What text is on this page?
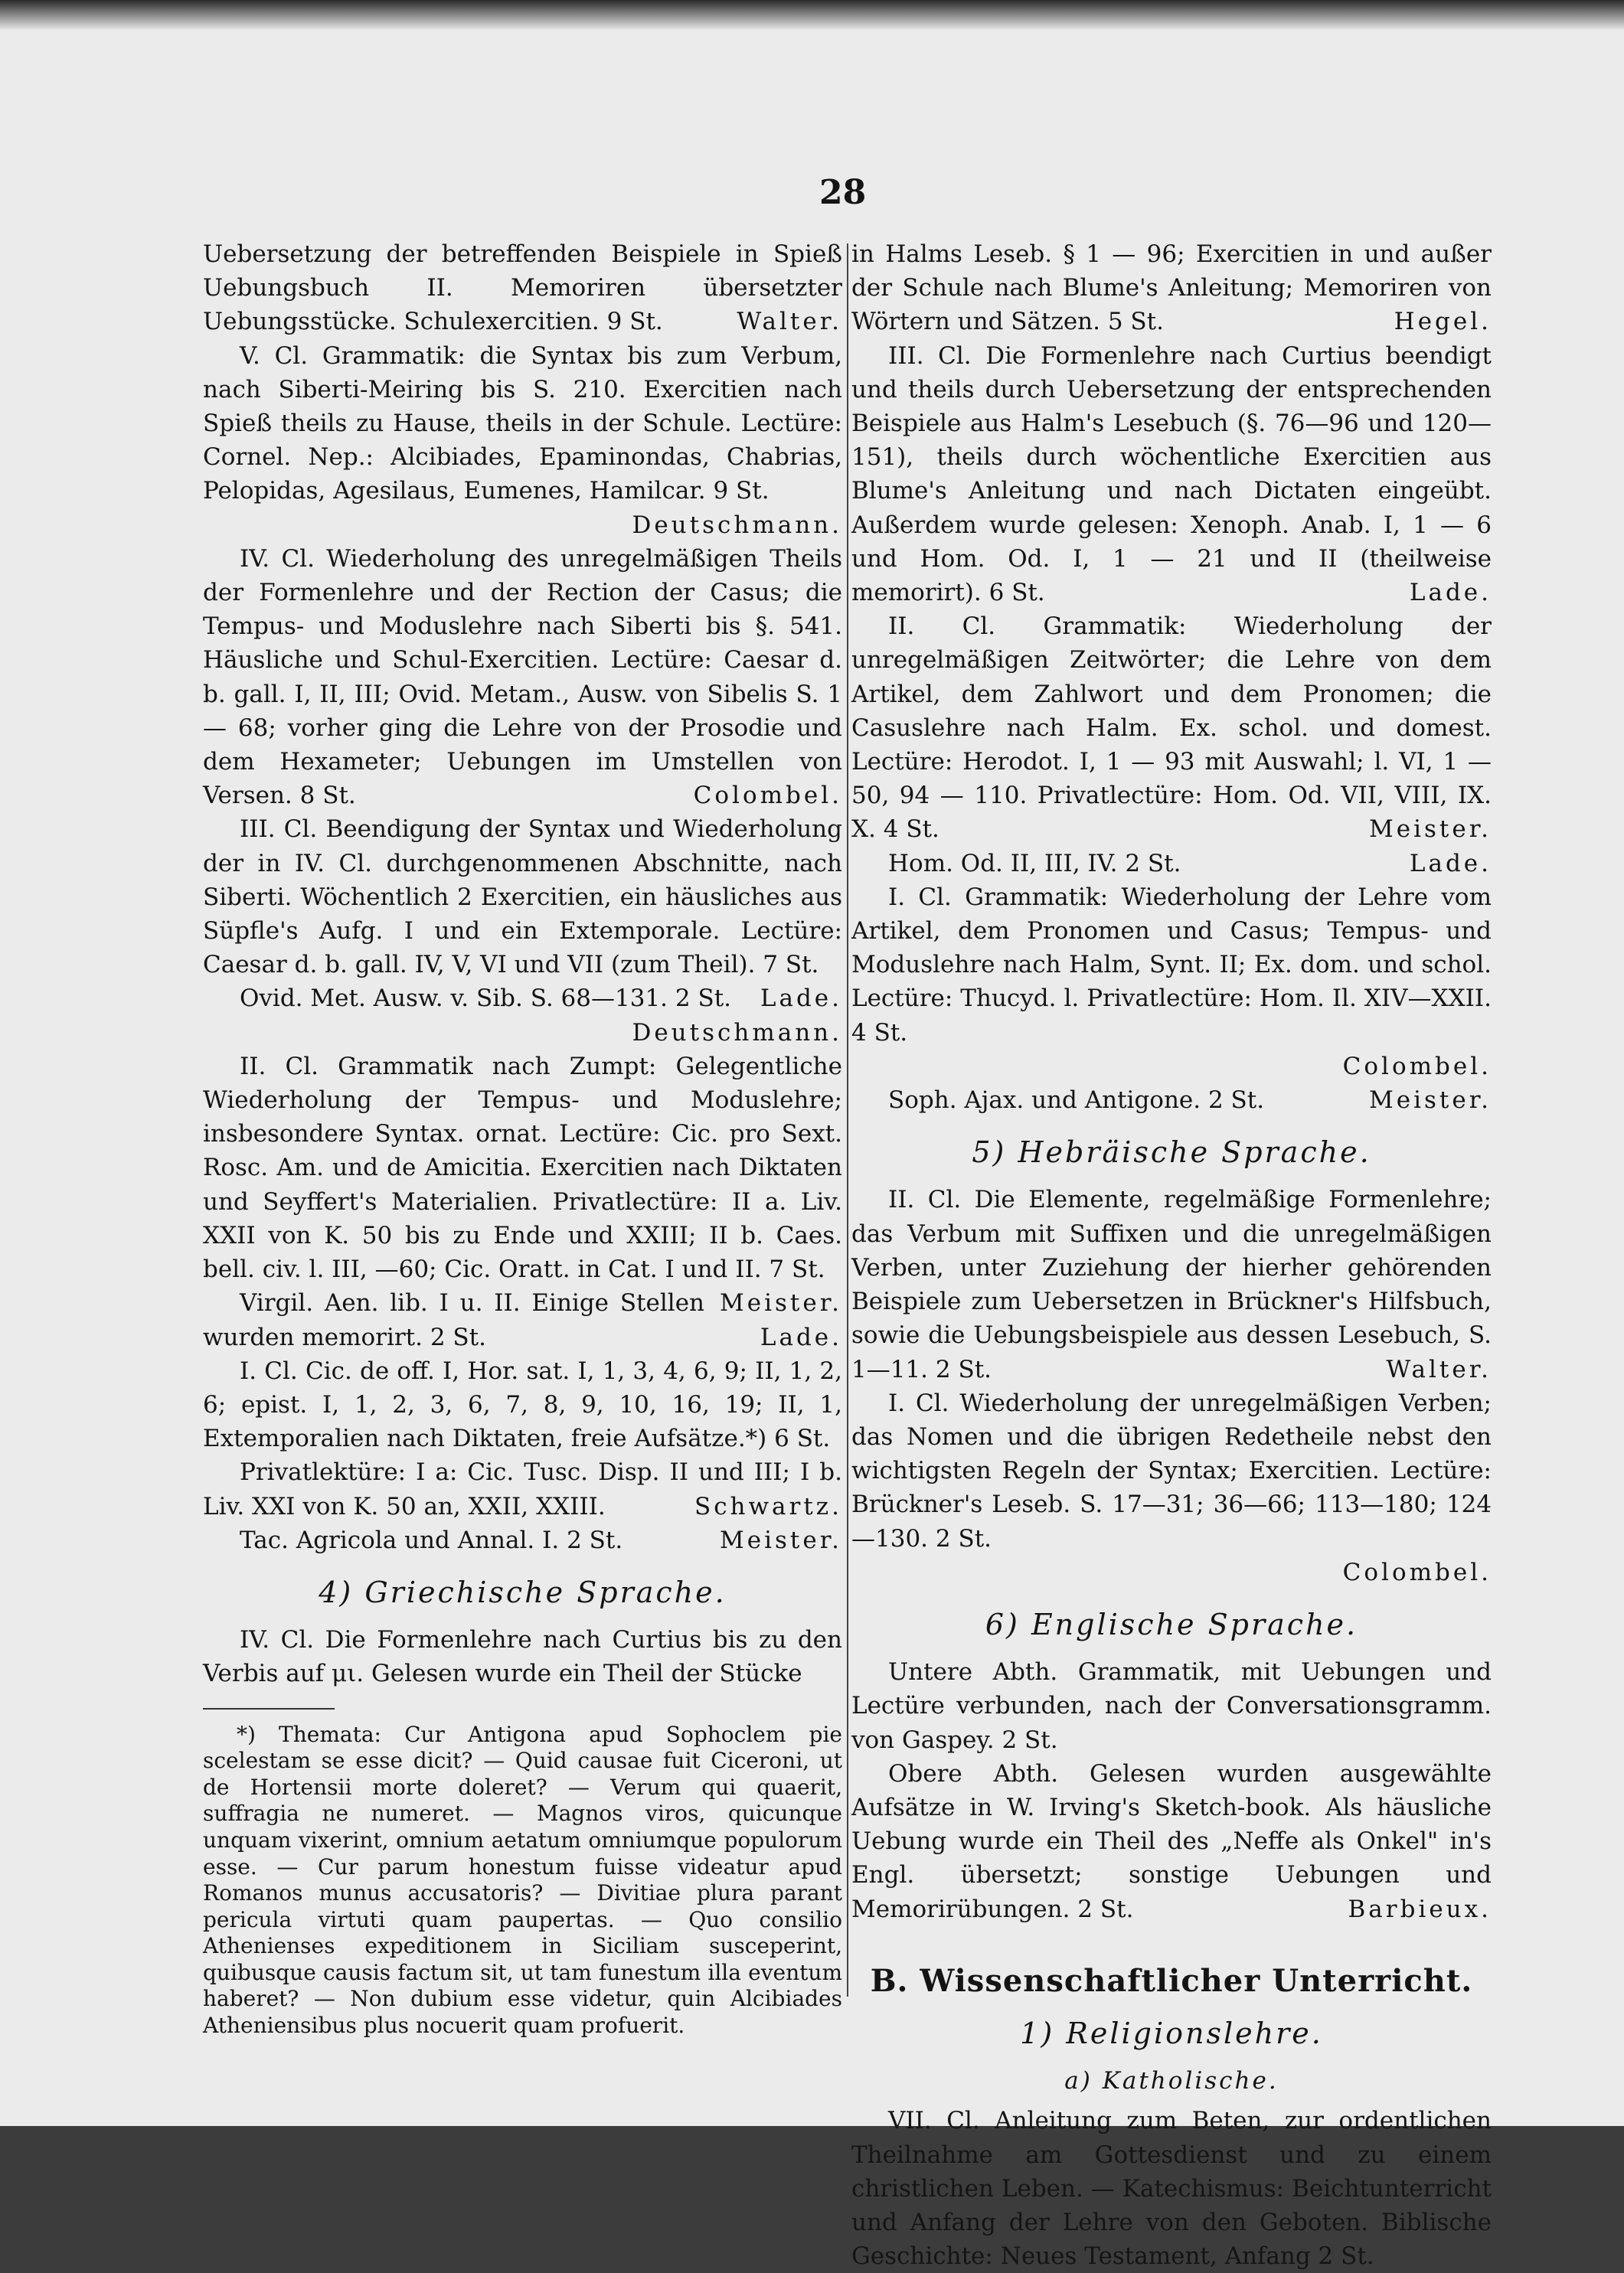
28

Uebersetzung der betreffenden Beispiele in Spieß Uebungsbuch II. Memoriren übersetzter Uebungsstücke. Schulexercitien. 9 St.	Walter.

V. Cl. Grammatik: die Syntax bis zum Verbum, nach Siberti-Meiring bis S. 210. Exercitien nach Spieß theils zu Hause, theils in der Schule. Lectüre: Cornel. Nep.: Alcibiades, Epaminondas, Chabrias, Pelopidas, Agesilaus, Eumenes, Hamilcar. 9 St.

Deutschmann.

IV. Cl. Wiederholung des unregelmäßigen Theils der Formenlehre und der Rection der Casus; die Tempus- und Moduslehre nach Siberti bis §. 541. Häusliche und Schul-Exercitien. Lectüre: Caesar d. b. gall. I, II, III; Ovid. Metam., Ausw. von Sibelis S. 1 — 68; vorher ging die Lehre von der Prosodie und dem Hexameter; Uebungen im Umstellen von Versen. 8 St.	Colombel.

III. Cl. Beendigung der Syntax und Wiederholung der in IV. Cl. durchgenommenen Abschnitte, nach Siberti. Wöchentlich 2 Exercitien, ein häusliches aus Süpfle's Aufg. I und ein Extemporale. Lectüre: Caesar d. b. gall. IV, V, VI und VII (zum Theil). 7 St.
Lade.

Ovid. Met. Ausw. v. Sib. S. 68—131. 2 St.

Deutschmann.

II. Cl. Grammatik nach Zumpt: Gelegentliche Wiederholung der Tempus- und Moduslehre; insbesondere Syntax. ornat. Lectüre: Cic. pro Sext. Rosc. Am. und de Amicitia. Exercitien nach Diktaten und Seyffert's Materialien. Privatlectüre: II a. Liv. XXII von K. 50 bis zu Ende und XXIII; II b. Caes. bell. civ. l. III, —60; Cic. Oratt. in Cat. I und II. 7 St.
Meister.

Virgil. Aen. lib. I u. II. Einige Stellen wurden memorirt. 2 St.	Lade.

I. Cl. Cic. de off. I, Hor. sat. I, 1, 3, 4, 6, 9; II, 1, 2, 6; epist. I, 1, 2, 3, 6, 7, 8, 9, 10, 16, 19; II, 1, Extemporalien nach Diktaten, freie Aufsätze.*) 6 St.

Privatlektüre: I a: Cic. Tusc. Disp. II und III; I b. Liv. XXI von K. 50 an, XXII, XXIII.	Schwartz.

Tac. Agricola und Annal. I. 2 St.	Meister.

4) Griechische Sprache.

IV. Cl. Die Formenlehre nach Curtius bis zu den Verbis auf μι. Gelesen wurde ein Theil der Stücke

*) Themata: Cur Antigona apud Sophoclem pie scelestam se esse dicit? — Quid causae fuit Ciceroni, ut de Hortensii morte doleret? — Verum qui quaerit, suffragia ne numeret. — Magnos viros, quicunque unquam vixerint, omnium aetatum omniumque populorum esse. — Cur parum honestum fuisse videatur apud Romanos munus accusatoris? — Divitiae plura parant pericula virtuti quam paupertas. — Quo consilio Athenienses expeditionem in Siciliam susceperint, quibusque causis factum sit, ut tam funestum illa eventum haberet? — Non dubium esse videtur, quin Alcibiades Atheniensibus plus nocuerit quam profuerit.

in Halms Leseb. § 1 — 96; Exercitien in und außer der Schule nach Blume's Anleitung; Memoriren von Wörtern und Sätzen. 5 St.	Hegel.

III. Cl. Die Formenlehre nach Curtius beendigt und theils durch Uebersetzung der entsprechenden Beispiele aus Halm's Lesebuch (§. 76—96 und 120—151), theils durch wöchentliche Exercitien aus Blume's Anleitung und nach Dictaten eingeübt. Außerdem wurde gelesen: Xenoph. Anab. I, 1 — 6 und Hom. Od. I, 1 — 21 und II (theilweise memorirt). 6 St.	Lade.

II. Cl. Grammatik: Wiederholung der unregelmäßigen Zeitwörter; die Lehre von dem Artikel, dem Zahlwort und dem Pronomen; die Casuslehre nach Halm. Ex. schol. und domest. Lectüre: Herodot. I, 1 — 93 mit Auswahl; l. VI, 1 — 50, 94 — 110. Privatlectüre: Hom. Od. VII, VIII, IX. X. 4 St.	Meister.

Hom. Od. II, III, IV. 2 St.	Lade.

I. Cl. Grammatik: Wiederholung der Lehre vom Artikel, dem Pronomen und Casus; Tempus- und Moduslehre nach Halm, Synt. II; Ex. dom. und schol. Lectüre: Thucyd. l. Privatlectüre: Hom. Il. XIV—XXII. 4 St.

Colombel.

Soph. Ajax. und Antigone. 2 St.	Meister.

5) Hebräische Sprache.

II. Cl. Die Elemente, regelmäßige Formenlehre; das Verbum mit Suffixen und die unregelmäßigen Verben, unter Zuziehung der hierher gehörenden Beispiele zum Uebersetzen in Brückner's Hilfsbuch, sowie die Uebungsbeispiele aus dessen Lesebuch, S. 1—11. 2 St.	Walter.

I. Cl. Wiederholung der unregelmäßigen Verben; das Nomen und die übrigen Redetheile nebst den wichtigsten Regeln der Syntax; Exercitien. Lectüre: Brückner's Leseb. S. 17—31; 36—66; 113—180; 124—130. 2 St.

Colombel.

6) Englische Sprache.

Untere Abth. Grammatik, mit Uebungen und Lectüre verbunden, nach der Conversationsgramm. von Gaspey. 2 St.

Obere Abth. Gelesen wurden ausgewählte Aufsätze in W. Irving's Sketch-book. Als häusliche Uebung wurde ein Theil des „Neffe als Onkel" in's Engl. übersetzt; sonstige Uebungen und Memorirübungen. 2 St.	Barbieux.

B. Wissenschaftlicher Unterricht.
1) Religionslehre.
a) Katholische.

VII. Cl. Anleitung zum Beten, zur ordentlichen Theilnahme am Gottesdienst und zu einem christlichen Leben. — Katechismus: Beichtunterricht und Anfang der Lehre von den Geboten. Biblische Geschichte: Neues Testament, Anfang 2 St.
